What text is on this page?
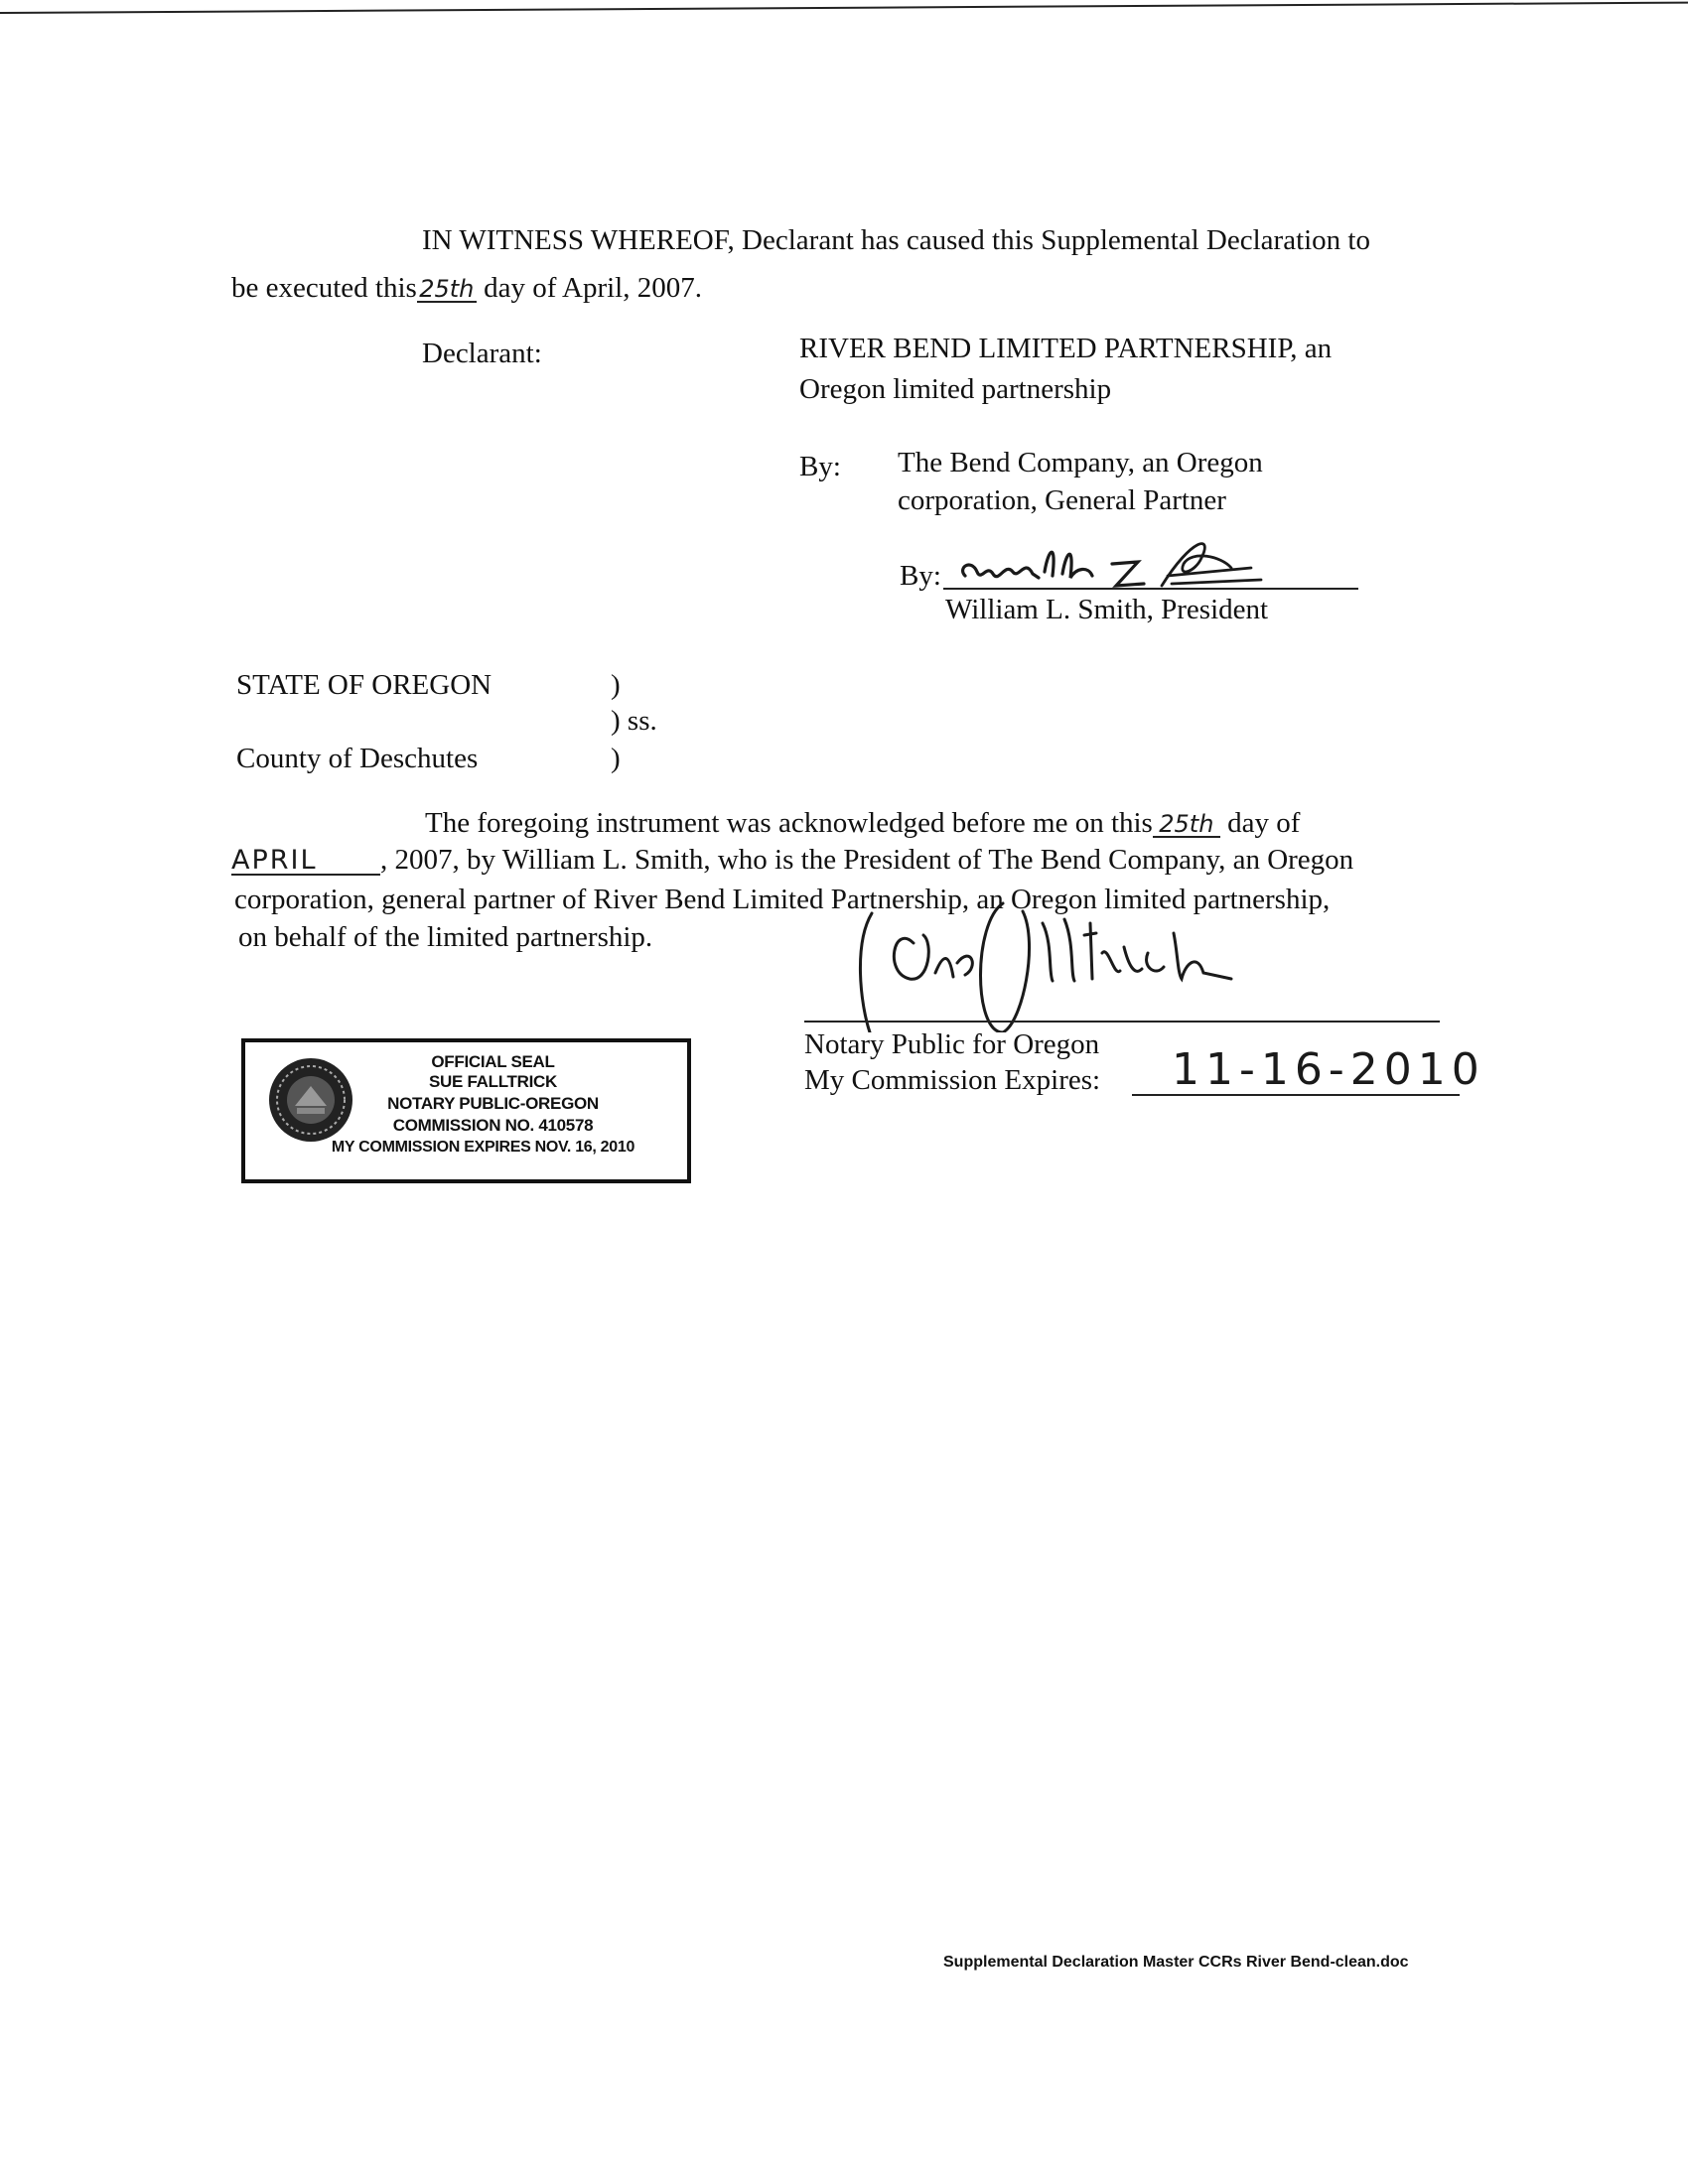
IN WITNESS WHEREOF, Declarant has caused this Supplemental Declaration to
be executed this 25th day of April, 2007.
Declarant:	RIVER BEND LIMITED PARTNERSHIP, an
Oregon limited partnership
By: The Bend Company, an Oregon
corporation, General Partner
By:
William L. Smith, President
STATE OF OREGON	)
) ss.
County of Deschutes	)
The foregoing instrument was acknowledged before me on this 25th day of
APRIL , 2007, by William L. Smith, who is the President of The Bend Company, an Oregon
corporation, general partner of River Bend Limited Partnership, an Oregon limited partnership,
on behalf of the limited partnership.
Notary Public for Oregon
My Commission Expires: 11-16-2010
OFFICIAL SEAL
SUE FALLTRICK
NOTARY PUBLIC-OREGON
COMMISSION NO. 410578
MY COMMISSION EXPIRES NOV. 16, 2010
Supplemental Declaration Master CCRs River Bend-clean.doc
